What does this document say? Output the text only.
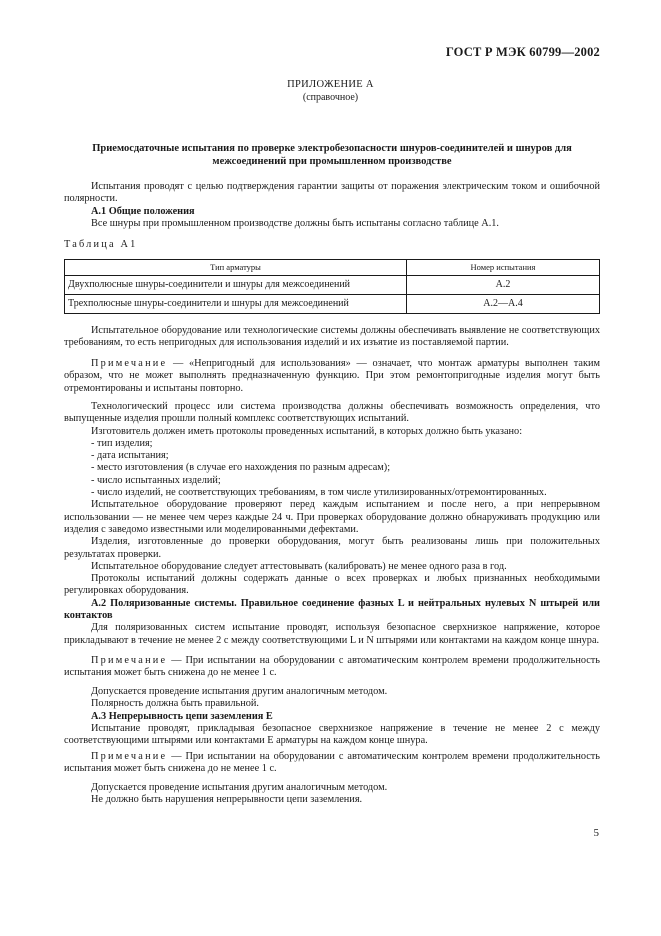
ГОСТ Р МЭК 60799—2002
ПРИЛОЖЕНИЕ А
(справочное)
Приемосдаточные испытания по проверке электробезопасности шнуров-соединителей и шнуров для межсоединений при промышленном производстве

Испытания проводят с целью подтверждения гарантии защиты от поражения электрическим током и ошибочной полярности.

А.1 Общие положения

Все шнуры при промышленном производстве должны быть испытаны согласно таблице А.1.

Таблица А1
Тип арматуры	Номер испытания
Двухполюсные шнуры-соединители и шнуры для межсоединений	А.2
Трехполюсные шнуры-соединители и шнуры для межсоединений	А.2—А.4

Испытательное оборудование или технологические системы должны обеспечивать выявление не соответствующих требованиям, то есть непригодных для использования изделий и их изъятие из поставляемой партии.

Примечание — «Непригодный для использования» — означает, что монтаж арматуры выполнен таким образом, что не может выполнять предназначенную функцию. При этом ремонтопригодные изделия могут быть отремонтированы и испытаны повторно.

Технологический процесс или система производства должны обеспечивать возможность определения, что выпущенные изделия прошли полный комплекс соответствующих испытаний.

Изготовитель должен иметь протоколы проведенных испытаний, в которых должно быть указано:

- тип изделия;

- дата испытания;

- место изготовления (в случае его нахождения по разным адресам);

- число испытанных изделий;

- число изделий, не соответствующих требованиям, в том числе утилизированных/отремонтированных.

Испытательное оборудование проверяют перед каждым испытанием и после него, а при непрерывном использовании — не менее чем через каждые 24 ч. При проверках оборудование должно обнаруживать продукцию или изделия с заведомо известными или моделированными дефектами.

Изделия, изготовленные до проверки оборудования, могут быть реализованы лишь при положительных результатах проверки.

Испытательное оборудование следует аттестовывать (калибровать) не менее одного раза в год.

Протоколы испытаний должны содержать данные о всех проверках и любых признанных необходимыми регулировках оборудования.

А.2 Поляризованные системы. Правильное соединение фазных L и нейтральных нулевых N штырей или контактов

Для поляризованных систем испытание проводят, используя безопасное сверхнизкое напряжение, которое прикладывают в течение не менее 2 с между соответствующими L и N штырями или контактами на каждом конце шнура.

Примечание — При испытании на оборудовании с автоматическим контролем времени продолжительность испытания может быть снижена до не менее 1 с.

Допускается проведение испытания другим аналогичным методом.

Полярность должна быть правильной.

А.3 Непрерывность цепи заземления Е

Испытание проводят, прикладывая безопасное сверхнизкое напряжение в течение не менее 2 с между соответствующими штырями или контактами Е арматуры на каждом конце шнура.

Примечание — При испытании на оборудовании с автоматическим контролем времени продолжительность испытания может быть снижена до не менее 1 с.

Допускается проведение испытания другим аналогичным методом.

Не должно быть нарушения непрерывности цепи заземления.

5
